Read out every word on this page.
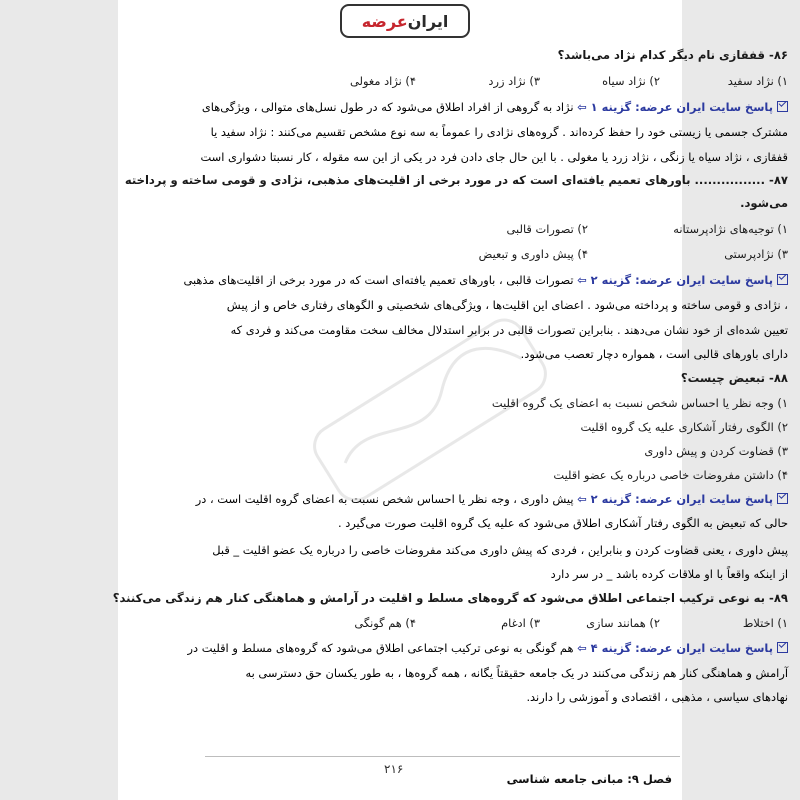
ایران
عرضه
۸۶- قفقازی نام دیگر کدام نژاد می‌باشد؟
۱) نژاد سفید
۲) نژاد سیاه
۳) نژاد زرد
۴) نژاد مغولی
پاسخ سایت ایران عرضه: گزینه ۱ ⇦ نژاد به گروهی از افراد اطلاق می‌شود که در طول نسل‌های متوالی ، ویژگی‌های
مشترک جسمی یا زیستی خود را حفظ کرده‌اند . گروه‌های نژادی را عموماً به سه نوع مشخص تقسیم می‌کنند : نژاد سفید یا
قفقازی ، نژاد سیاه یا زنگی ، نژاد زرد یا مغولی . با این حال جای دادن فرد در یکی از این سه مقوله ، کار نسبتا دشواری است
۸۷- ................ باورهای تعمیم یافته‌ای است که در مورد برخی از اقلیت‌های مذهبی، نژادی و قومی ساخته و پرداخته
می‌شود.
۱) توجیه‌های نژادپرستانه
۲) تصورات قالبی
۳) نژادپرستی
۴) پیش داوری و تبعیض
پاسخ سایت ایران عرضه: گزینه ۲ ⇦ تصورات قالبی ، باورهای تعمیم یافته‌ای است که در مورد برخی از اقلیت‌های مذهبی
، نژادی و قومی ساخته و پرداخته می‌شود . اعضای این اقلیت‌ها ، ویژگی‌های شخصیتی و الگوهای رفتاری خاص و از پیش
تعیین شده‌ای از خود نشان می‌دهند . بنابراین تصورات قالبی در برابر استدلال مخالف سخت مقاومت می‌کند و فردی که
دارای باورهای قالبی است ، همواره دچار تعصب می‌شود.
۸۸- تبعیض چیست؟
۱) وجه نظر یا احساس شخص نسبت به اعضای یک گروه اقلیت
۲) الگوی رفتار آشکاری علیه یک گروه اقلیت
۳) قضاوت کردن و پیش داوری
۴) داشتن مفروضات خاصی درباره یک عضو اقلیت
پاسخ سایت ایران عرضه: گزینه ۲ ⇦ پیش داوری ، وجه نظر یا احساس شخص نسبت به اعضای گروه اقلیت است ، در
حالی که تبعیض به الگوی رفتار آشکاری اطلاق می‌شود که علیه یک گروه اقلیت صورت می‌گیرد .
پیش داوری ، یعنی قضاوت کردن و بنابراین ، فردی که پیش داوری می‌کند مفروضات خاصی را درباره یک عضو اقلیت _ قبل
از اینکه واقعاً با او ملاقات کرده باشد _ در سر دارد
۸۹- به نوعی ترکیب اجتماعی اطلاق می‌شود که گروه‌های مسلط و اقلیت در آرامش و هماهنگی کنار هم زندگی می‌کنند؟
۱) اختلاط
۲) همانند سازی
۳) ادغام
۴) هم گونگی
پاسخ سایت ایران عرضه: گزینه ۴ ⇦ هم گونگی به نوعی ترکیب اجتماعی اطلاق می‌شود که گروه‌های مسلط و اقلیت در
آرامش و هماهنگی کنار هم زندگی می‌کنند در یک جامعه حقیقتاً یگانه ، همه گروه‌ها ، به طور یکسان حق دسترسی به
نهادهای سیاسی ، مذهبی ، اقتصادی و آموزشی را دارند.
۲۱۶
فصل ۹: مبانی جامعه شناسی
